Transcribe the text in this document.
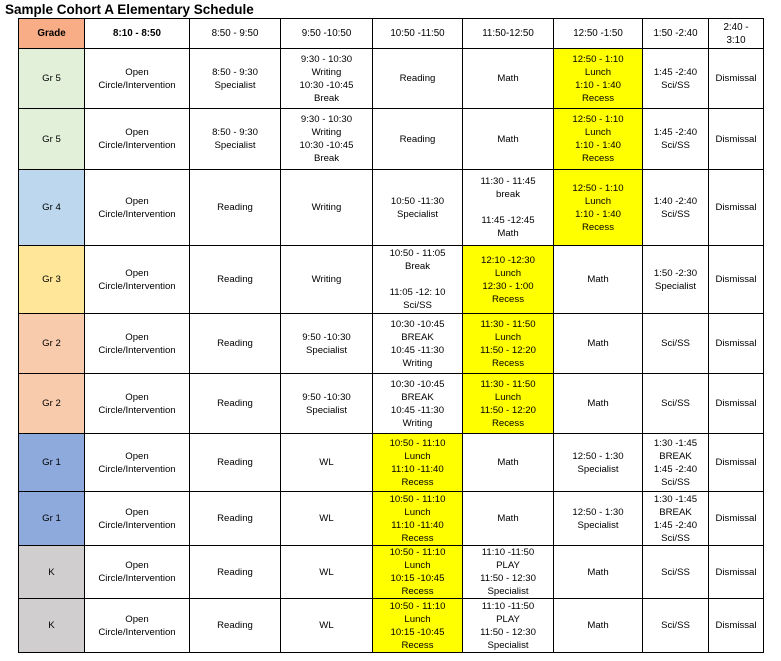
Sample Cohort A Elementary Schedule
Grade	8:10 - 8:50	8:50 - 9:50	9:50 -10:50	10:50 -11:50	11:50-12:50	12:50 -1:50	1:50 -2:40	2:40 -
3:10
Gr 5	Open
Circle/Intervention	8:50 - 9:30
Specialist	9:30 - 10:30
Writing
10:30 -10:45
Break	Reading	Math	12:50 - 1:10
Lunch
1:10 - 1:40
Recess	1:45 -2:40
Sci/SS	Dismissal
Gr 5	Open
Circle/Intervention	8:50 - 9:30
Specialist	9:30 - 10:30
Writing
10:30 -10:45
Break	Reading	Math	12:50 - 1:10
Lunch
1:10 - 1:40
Recess	1:45 -2:40
Sci/SS	Dismissal
Gr 4	Open
Circle/Intervention	Reading	Writing	10:50 -11:30
Specialist	11:30 - 11:45
break

11:45 -12:45
Math	12:50 - 1:10
Lunch
1:10 - 1:40
Recess	1:40 -2:40
Sci/SS	Dismissal
Gr 3	Open
Circle/Intervention	Reading	Writing	10:50 - 11:05
Break

11:05 -12: 10
Sci/SS	12:10 -12:30
Lunch
12:30 - 1:00
Recess	Math	1:50 -2:30
Specialist	Dismissal
Gr 2	Open
Circle/Intervention	Reading	9:50 -10:30
Specialist	10:30 -10:45
BREAK
10:45 -11:30
Writing	11:30 - 11:50
Lunch
11:50 - 12:20
Recess	Math	Sci/SS	Dismissal
Gr 2	Open
Circle/Intervention	Reading	9:50 -10:30
Specialist	10:30 -10:45
BREAK
10:45 -11:30
Writing	11:30 - 11:50
Lunch
11:50 - 12:20
Recess	Math	Sci/SS	Dismissal
Gr 1	Open
Circle/Intervention	Reading	WL	10:50 - 11:10
Lunch
11:10 -11:40
Recess	Math	12:50 - 1:30
Specialist	1:30 -1:45
BREAK
1:45 -2:40
Sci/SS	Dismissal
Gr 1	Open
Circle/Intervention	Reading	WL	10:50 - 11:10
Lunch
11:10 -11:40
Recess	Math	12:50 - 1:30
Specialist	1:30 -1:45
BREAK
1:45 -2:40
Sci/SS	Dismissal
K	Open
Circle/Intervention	Reading	WL	10:50 - 11:10
Lunch
10:15 -10:45
Recess	11:10 -11:50
PLAY
11:50 - 12:30
Specialist	Math	Sci/SS	Dismissal
K	Open
Circle/Intervention	Reading	WL	10:50 - 11:10
Lunch
10:15 -10:45
Recess	11:10 -11:50
PLAY
11:50 - 12:30
Specialist	Math	Sci/SS	Dismissal
